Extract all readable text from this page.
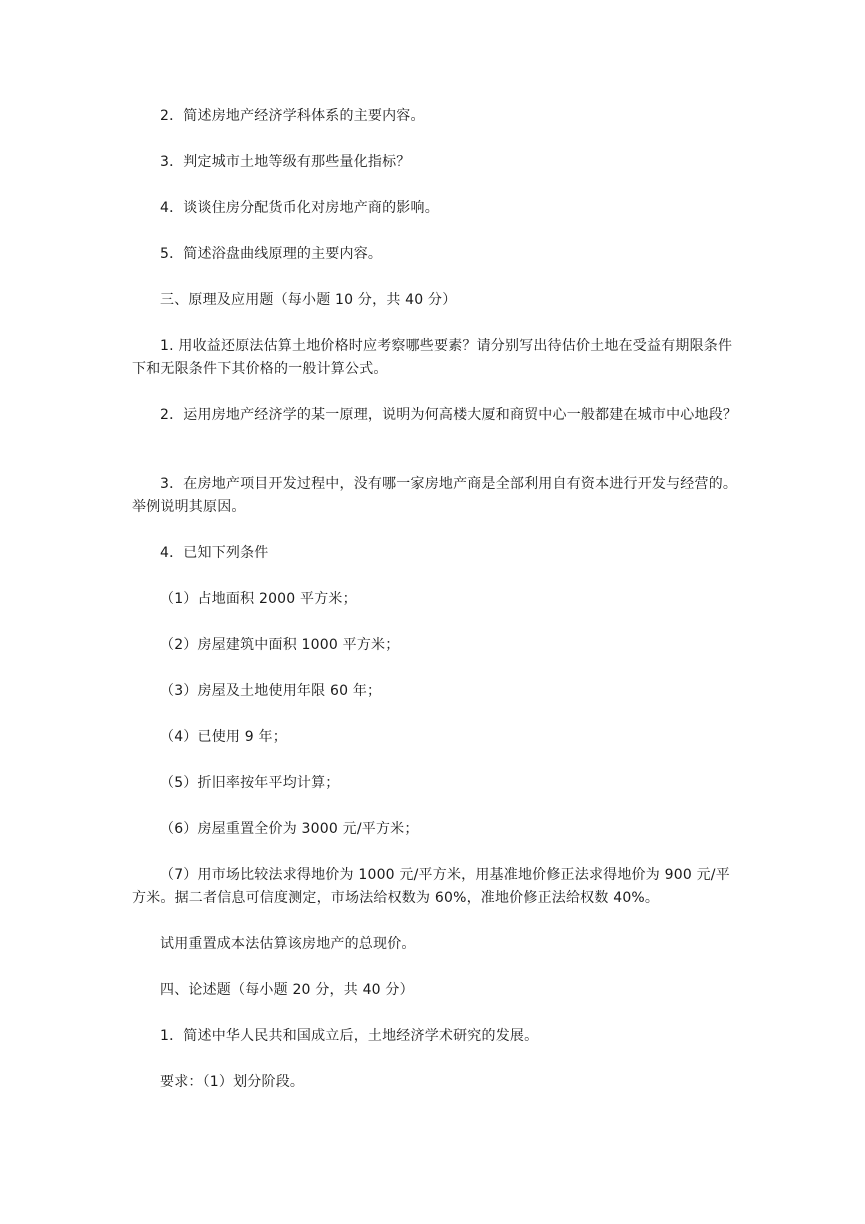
2．简述房地产经济学科体系的主要内容。

3．判定城市土地等级有那些量化指标？

4．谈谈住房分配货币化对房地产商的影响。

5．简述浴盘曲线原理的主要内容。

三、原理及应用题（每小题 10 分，共 40 分）

1. 用收益还原法估算土地价格时应考察哪些要素？请分别写出待估价土地在受益有期限条件下和无限条件下其价格的一般计算公式。

2．运用房地产经济学的某一原理，说明为何高楼大厦和商贸中心一般都建在城市中心地段？

3．在房地产项目开发过程中，没有哪一家房地产商是全部利用自有资本进行开发与经营的。举例说明其原因。

4．已知下列条件

（1）占地面积 2000 平方米；

（2）房屋建筑中面积 1000 平方米；

（3）房屋及土地使用年限 60 年；

（4）已使用 9 年；

（5）折旧率按年平均计算；

（6）房屋重置全价为 3000 元/平方米；

（7）用市场比较法求得地价为 1000 元/平方米，用基准地价修正法求得地价为 900 元/平方米。据二者信息可信度测定，市场法给权数为 60%，准地价修正法给权数 40%。

试用重置成本法估算该房地产的总现价。

四、论述题（每小题 20 分，共 40 分）

1．简述中华人民共和国成立后，土地经济学术研究的发展。

要求：（1）划分阶段。
